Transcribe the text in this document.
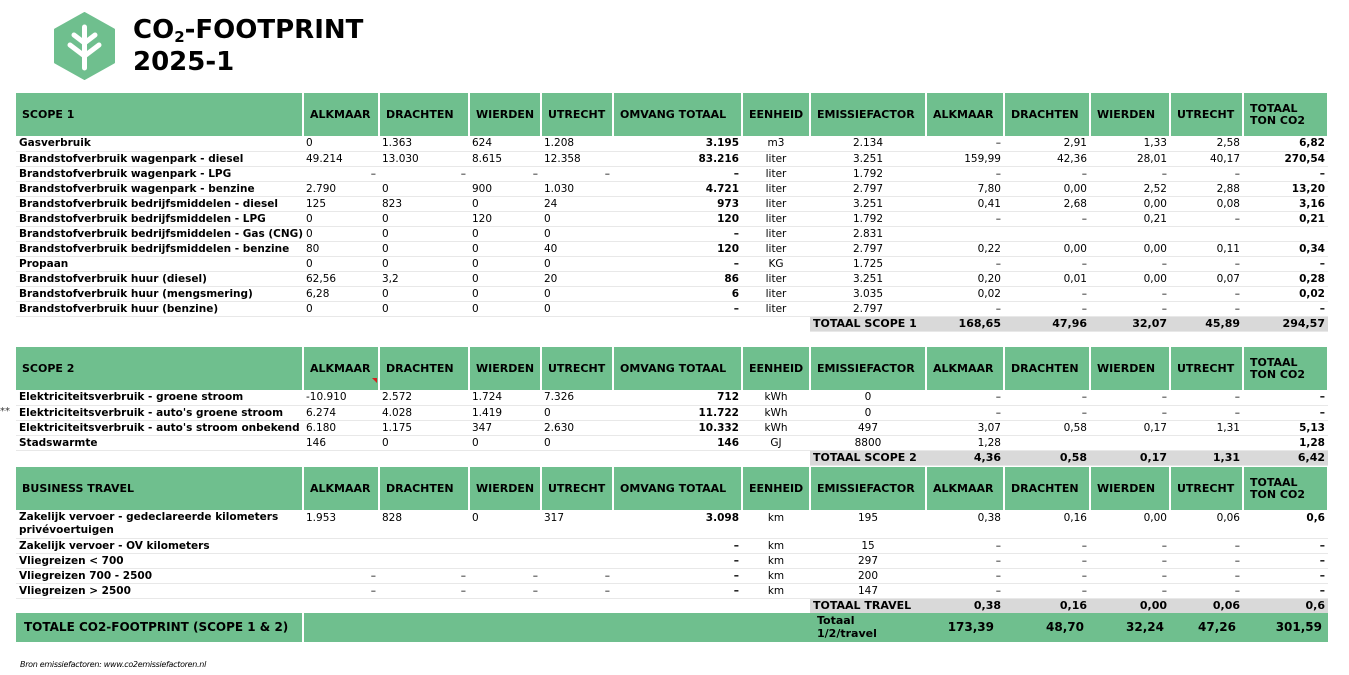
$CO_2$-FOOTPRINT
2025-1
SCOPE 1	ALKMAAR	DRACHTEN	WIERDEN	UTRECHT	OMVANG TOTAAL	EENHEID	EMISSIEFACTOR	ALKMAAR	DRACHTEN	WIERDEN	UTRECHT	TOTAAL
TON CO2

Gasverbruik	0	1.363	624	1.208	3.195	m3	2.134	–	2,91	1,33	2,58	6,82
Brandstofverbruik wagenpark - diesel	49.214	13.030	8.615	12.358	83.216	liter	3.251	159,99	42,36	28,01	40,17	270,54
Brandstofverbruik wagenpark - LPG	–	–	–	–	–	liter	1.792	–	–	–	–	–
Brandstofverbruik wagenpark - benzine	2.790	0	900	1.030	4.721	liter	2.797	7,80	0,00	2,52	2,88	13,20
Brandstofverbruik bedrijfsmiddelen - diesel	125	823	0	24	973	liter	3.251	0,41	2,68	0,00	0,08	3,16
Brandstofverbruik bedrijfsmiddelen - LPG	0	0	120	0	120	liter	1.792	–	–	0,21	–	0,21
Brandstofverbruik bedrijfsmiddelen - Gas (CNG)	0	0	0	0	–	liter	2.831					
Brandstofverbruik bedrijfsmiddelen - benzine	80	0	0	40	120	liter	2.797	0,22	0,00	0,00	0,11	0,34
Propaan	0	0	0	0	–	KG	1.725	–	–	–	–	–
Brandstofverbruik huur (diesel)	62,56	3,2	0	20	86	liter	3.251	0,20	0,01	0,00	0,07	0,28
Brandstofverbruik huur (mengsmering)	6,28	0	0	0	6	liter	3.035	0,02	–	–	–	0,02
Brandstofverbruik huur (benzine)	0	0	0	0	–	liter	2.797	–	–	–	–	–
							TOTAAL SCOPE 1	168,65	47,96	32,07	45,89	294,57
SCOPE 2	ALKMAAR	DRACHTEN	WIERDEN	UTRECHT	OMVANG TOTAAL	EENHEID	EMISSIEFACTOR	ALKMAAR	DRACHTEN	WIERDEN	UTRECHT	TOTAAL
TON CO2

Elektriciteitsverbruik - groene stroom	-10.910	2.572	1.724	7.326	712	kWh	0	–	–	–	–	–
Elektriciteitsverbruik - auto's groene stroom	6.274	4.028	1.419	0	11.722	kWh	0	–	–	–	–	–
Elektriciteitsverbruik - auto's stroom onbekend	6.180	1.175	347	2.630	10.332	kWh	497	3,07	0,58	0,17	1,31	5,13
Stadswarmte	146	0	0	0	146	GJ	8800	1,28				1,28
							TOTAAL SCOPE 2	4,36	0,58	0,17	1,31	6,42
**
BUSINESS TRAVEL	ALKMAAR	DRACHTEN	WIERDEN	UTRECHT	OMVANG TOTAAL	EENHEID	EMISSIEFACTOR	ALKMAAR	DRACHTEN	WIERDEN	UTRECHT	TOTAAL
TON CO2

Zakelijk vervoer - gedeclareerde kilometers privévoertuigen	1.953	828	0	317	3.098	km	195	0,38	0,16	0,00	0,06	0,6
Zakelijk vervoer - OV kilometers					–	km	15	–	–	–	–	–
Vliegreizen < 700					–	km	297	–	–	–	–	–
Vliegreizen 700 - 2500	–	–	–	–	–	km	200	–	–	–	–	–
Vliegreizen > 2500	–	–	–	–	–	km	147	–	–	–	–	–
							TOTAAL TRAVEL	0,38	0,16	0,00	0,06	0,6
TOTALE CO2-FOOTPRINT (SCOPE 1 & 2)	Totaal
1/2/travel	173,39	48,70	32,24	47,26	301,59
Bron emissiefactoren: www.co2emissiefactoren.nl
